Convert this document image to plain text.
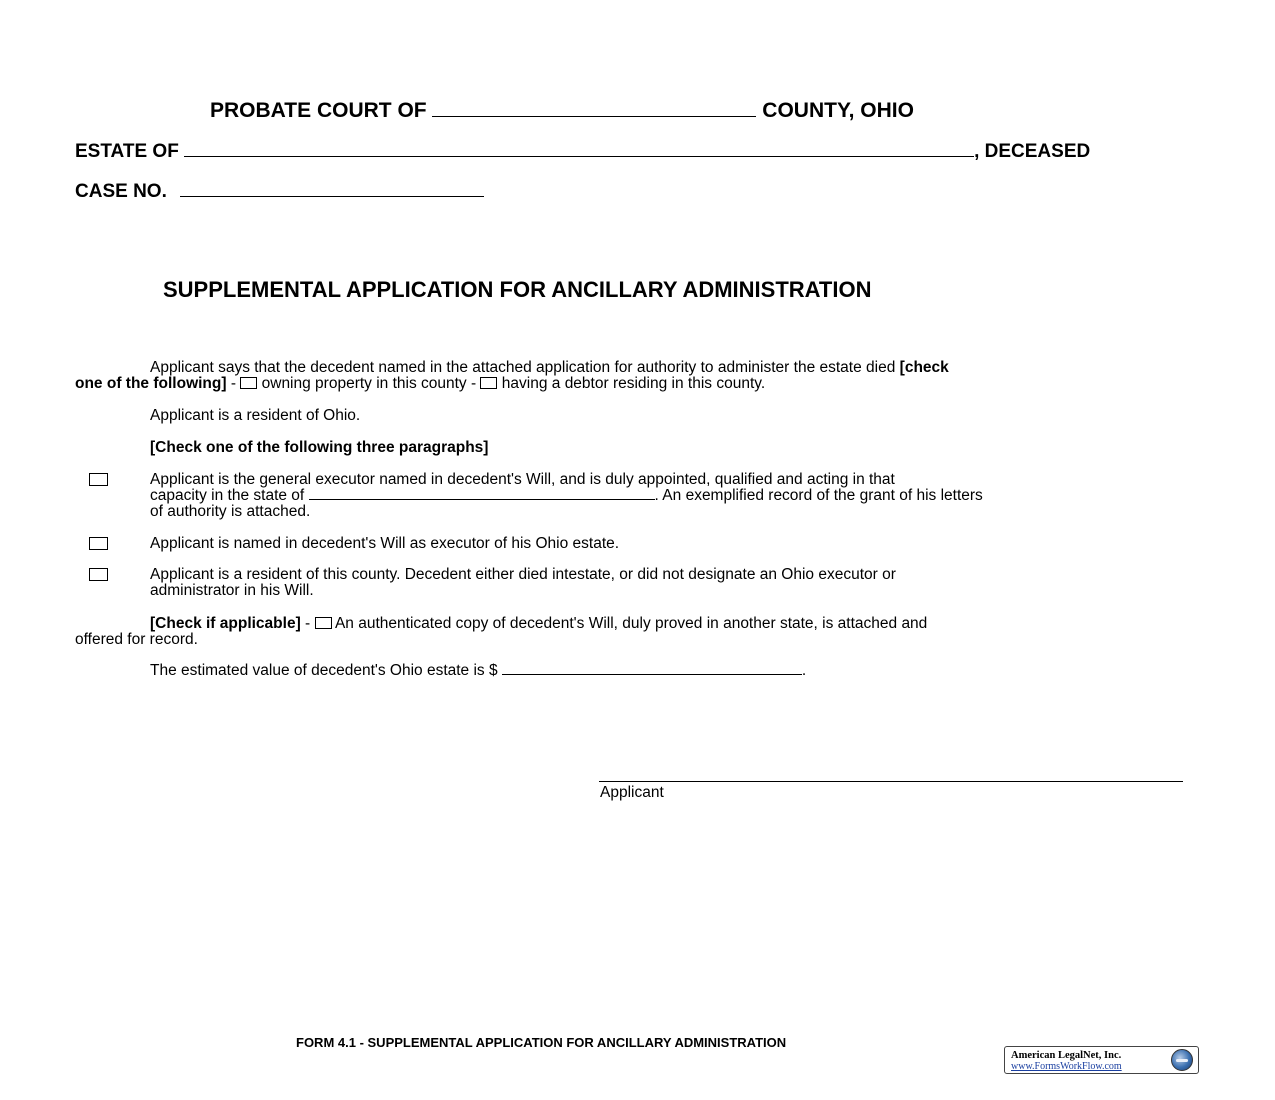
PROBATE COURT OF	COUNTY, OHIO
ESTATE OF	, DECEASED
CASE NO.
SUPPLEMENTAL APPLICATION FOR ANCILLARY ADMINISTRATION
Applicant says that the decedent named in the attached application for authority to administer the estate died [check
one of the following] -  owning property in this county - having a debtor residing in this county.
Applicant is a resident of Ohio.
[Check one of the following three paragraphs]
Applicant is the general executor named in decedent's Will, and is duly appointed, qualified and acting in that
capacity in the state of	. An exemplified record of the grant of his letters
of authority is attached.
Applicant is named in decedent's Will as executor of his Ohio estate.
Applicant is a resident of this county. Decedent either died intestate, or did not designate an Ohio executor or
administrator in his Will.
[Check if applicable] -  An authenticated copy of decedent's Will, duly proved in another state, is attached and
offered for record.
The estimated value of decedent's Ohio estate is $	.
Applicant
FORM 4.1 - SUPPLEMENTAL APPLICATION FOR ANCILLARY ADMINISTRATION
American LegalNet, Inc.
www.FormsWorkFlow.com
